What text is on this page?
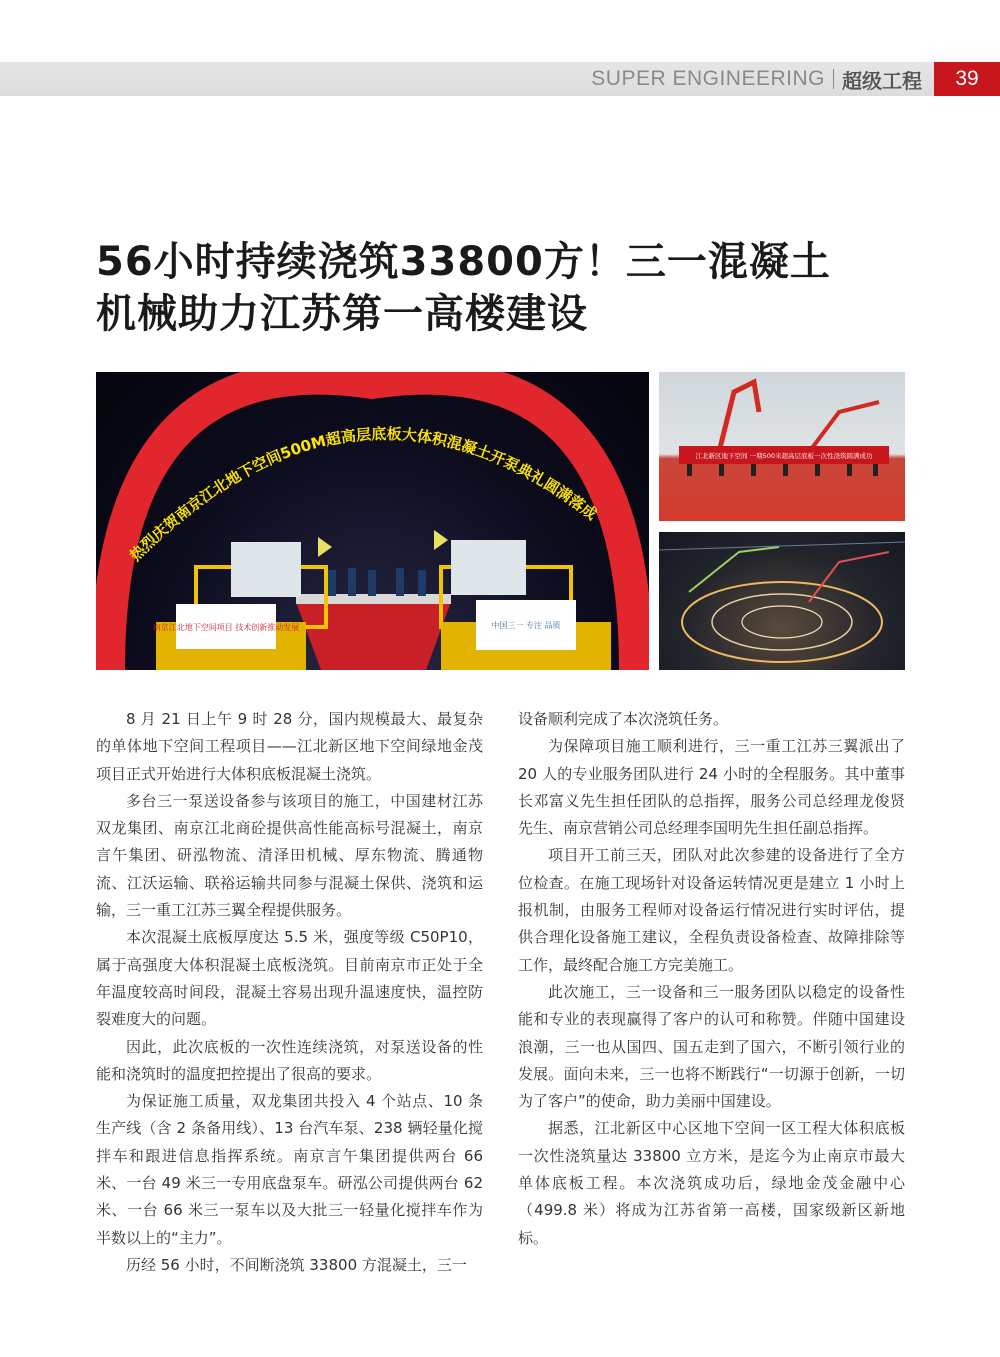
SUPER ENGINEERING 超级工程	39
56小时持续浇筑33800方！三一混凝土
机械助力江苏第一高楼建设
南京江北地下空间项目 技术创新推动发展	中国三一 专注 品质
热烈庆贺南京江北地下空间500M超高层底板大体积混凝土开泵典礼圆满落成
江北新区地下空间 一期500米超高层底板一次性浇筑圆满成功

8 月 21 日上午 9 时 28 分，国内规模最大、最复杂的单体地下空间工程项目——江北新区地下空间绿地金茂项目正式开始进行大体积底板混凝土浇筑。

多台三一泵送设备参与该项目的施工，中国建材江苏双龙集团、南京江北商砼提供高性能高标号混凝土，南京言午集团、研泓物流、清泽田机械、厚东物流、腾通物流、江沃运输、联裕运输共同参与混凝土保供、浇筑和运输，三一重工江苏三翼全程提供服务。

本次混凝土底板厚度达 5.5 米，强度等级 C50P10，属于高强度大体积混凝土底板浇筑。目前南京市正处于全年温度较高时间段，混凝土容易出现升温速度快，温控防裂难度大的问题。

因此，此次底板的一次性连续浇筑，对泵送设备的性能和浇筑时的温度把控提出了很高的要求。

为保证施工质量，双龙集团共投入 4 个站点、10 条生产线（含 2 条备用线）、13 台汽车泵、238 辆轻量化搅拌车和跟进信息指挥系统。南京言午集团提供两台 66 米、一台 49 米三一专用底盘泵车。研泓公司提供两台 62 米、一台 66 米三一泵车以及大批三一轻量化搅拌车作为半数以上的“主力”。

历经 56 小时，不间断浇筑 33800 方混凝土，三一

设备顺利完成了本次浇筑任务。

为保障项目施工顺利进行，三一重工江苏三翼派出了 20 人的专业服务团队进行 24 小时的全程服务。其中董事长邓富义先生担任团队的总指挥，服务公司总经理龙俊贤先生、南京营销公司总经理李国明先生担任副总指挥。

项目开工前三天，团队对此次参建的设备进行了全方位检查。在施工现场针对设备运转情况更是建立 1 小时上报机制，由服务工程师对设备运行情况进行实时评估，提供合理化设备施工建议，全程负责设备检查、故障排除等工作，最终配合施工方完美施工。

此次施工，三一设备和三一服务团队以稳定的设备性能和专业的表现赢得了客户的认可和称赞。伴随中国建设浪潮，三一也从国四、国五走到了国六，不断引领行业的发展。面向未来，三一也将不断践行“一切源于创新，一切为了客户”的使命，助力美丽中国建设。

据悉，江北新区中心区地下空间一区工程大体积底板一次性浇筑量达 33800 立方米，是迄今为止南京市最大单体底板工程。本次浇筑成功后，绿地金茂金融中心（499.8 米）将成为江苏省第一高楼，国家级新区新地标。
